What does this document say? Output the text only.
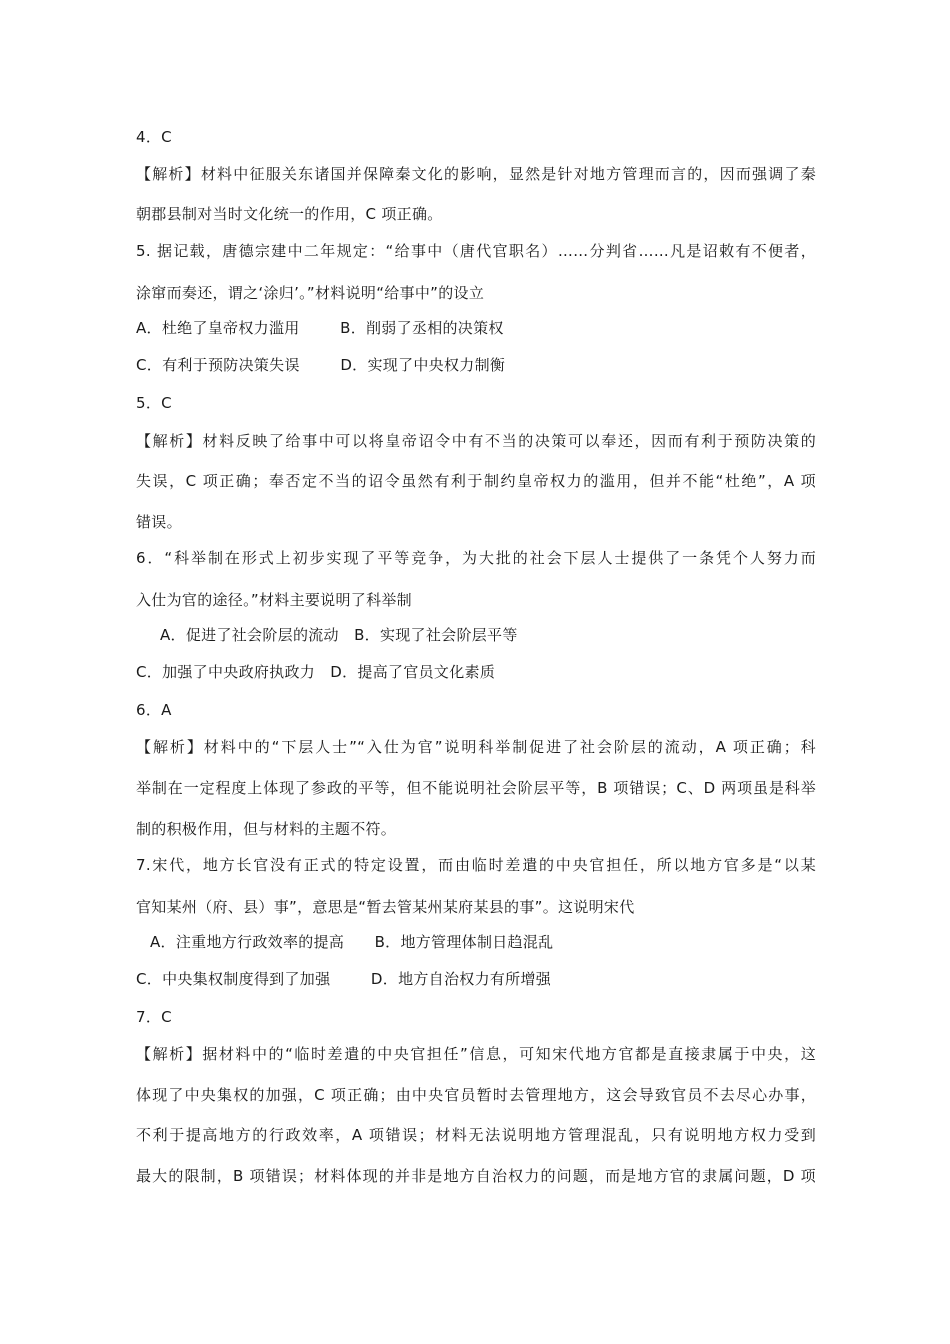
4．C
【解析】材料中征服关东诸国并保障秦文化的影响，显然是针对地方管理而言的，因而强调了秦
朝郡县制对当时文化统一的作用，C 项正确。
5. 据记载，唐德宗建中二年规定：“给事中（唐代官职名）……分判省……凡是诏敕有不便者，
涂窜而奏还，谓之‘涂归’。”材料说明“给事中”的设立
A．杜绝了皇帝权力滥用        B．削弱了丞相的决策权
C．有利于预防决策失误        D．实现了中央权力制衡
5．C
【解析】材料反映了给事中可以将皇帝诏令中有不当的决策可以奉还，因而有利于预防决策的
失误，C 项正确；奉否定不当的诏令虽然有利于制约皇帝权力的滥用，但并不能“杜绝”，A 项
错误。
6．“科举制在形式上初步实现了平等竞争，为大批的社会下层人士提供了一条凭个人努力而
入仕为官的途径。”材料主要说明了科举制
A．促进了社会阶层的流动   B．实现了社会阶层平等
C．加强了中央政府执政力   D．提高了官员文化素质
6．A
【解析】材料中的“下层人士”“入仕为官”说明科举制促进了社会阶层的流动，A 项正确；科
举制在一定程度上体现了参政的平等，但不能说明社会阶层平等，B 项错误；C、D 两项虽是科举
制的积极作用，但与材料的主题不符。
7.宋代，地方长官没有正式的特定设置，而由临时差遣的中央官担任，所以地方官多是“以某
官知某州（府、县）事”，意思是“暂去管某州某府某县的事”。这说明宋代
A．注重地方行政效率的提高      B．地方管理体制日趋混乱
C．中央集权制度得到了加强        D．地方自治权力有所增强
7．C
【解析】据材料中的“临时差遣的中央官担任”信息，可知宋代地方官都是直接隶属于中央，这
体现了中央集权的加强，C 项正确；由中央官员暂时去管理地方，这会导致官员不去尽心办事，
不利于提高地方的行政效率，A 项错误；材料无法说明地方管理混乱，只有说明地方权力受到
最大的限制，B 项错误；材料体现的并非是地方自治权力的问题，而是地方官的隶属问题，D 项
